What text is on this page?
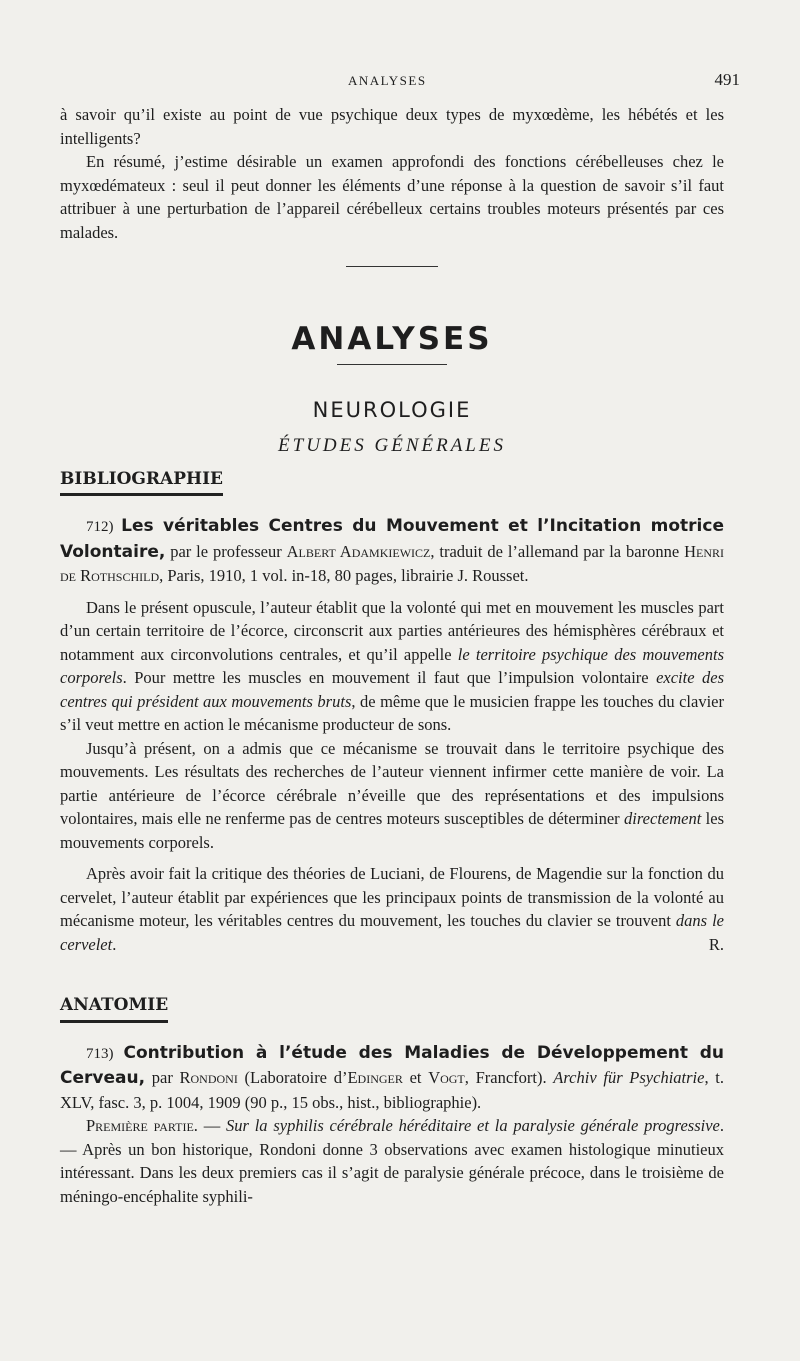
ANALYSES	491

à savoir qu’il existe au point de vue psychique deux types de myxœdème, les hébétés et les intelligents?

En résumé, j’estime désirable un examen approfondi des fonctions cérébelleuses chez le myxœdémateux : seul il peut donner les éléments d’une réponse à la question de savoir s’il faut attribuer à une perturbation de l’appareil cérébelleux certains troubles moteurs présentés par ces malades.

ANALYSES
NEUROLOGIE
ÉTUDES GÉNÉRALES
BIBLIOGRAPHIE

712) Les véritables Centres du Mouvement et l’Incitation motrice Volontaire, par le professeur Albert Adamkiewicz, traduit de l’allemand par la baronne Henri de Rothschild, Paris, 1910, 1 vol. in-18, 80 pages, librairie J. Rousset.

Dans le présent opuscule, l’auteur établit que la volonté qui met en mouvement les muscles part d’un certain territoire de l’écorce, circonscrit aux parties antérieures des hémisphères cérébraux et notamment aux circonvolutions centrales, et qu’il appelle le territoire psychique des mouvements corporels. Pour mettre les muscles en mouvement il faut que l’impulsion volontaire excite des centres qui président aux mouvements bruts, de même que le musicien frappe les touches du clavier s’il veut mettre en action le mécanisme producteur de sons.

Jusqu’à présent, on a admis que ce mécanisme se trouvait dans le territoire psychique des mouvements. Les résultats des recherches de l’auteur viennent infirmer cette manière de voir. La partie antérieure de l’écorce cérébrale n’éveille que des représentations et des impulsions volontaires, mais elle ne renferme pas de centres moteurs susceptibles de déterminer directement les mouvements corporels.

Après avoir fait la critique des théories de Luciani, de Flourens, de Magendie sur la fonction du cervelet, l’auteur établit par expériences que les principaux points de transmission de la volonté au mécanisme moteur, les véritables centres du mouvement, les touches du clavier se trouvent dans le cervelet.	R.

ANATOMIE

713) Contribution à l’étude des Maladies de Développement du Cerveau, par Rondoni (Laboratoire d’Edinger et Vogt, Francfort). Archiv für Psychiatrie, t. XLV, fasc. 3, p. 1004, 1909 (90 p., 15 obs., hist., bibliographie).

Première partie. — Sur la syphilis cérébrale héréditaire et la paralysie générale progressive. — Après un bon historique, Rondoni donne 3 observations avec examen histologique minutieux intéressant. Dans les deux premiers cas il s’agit de paralysie générale précoce, dans le troisième de méningo-encéphalite syphili-
